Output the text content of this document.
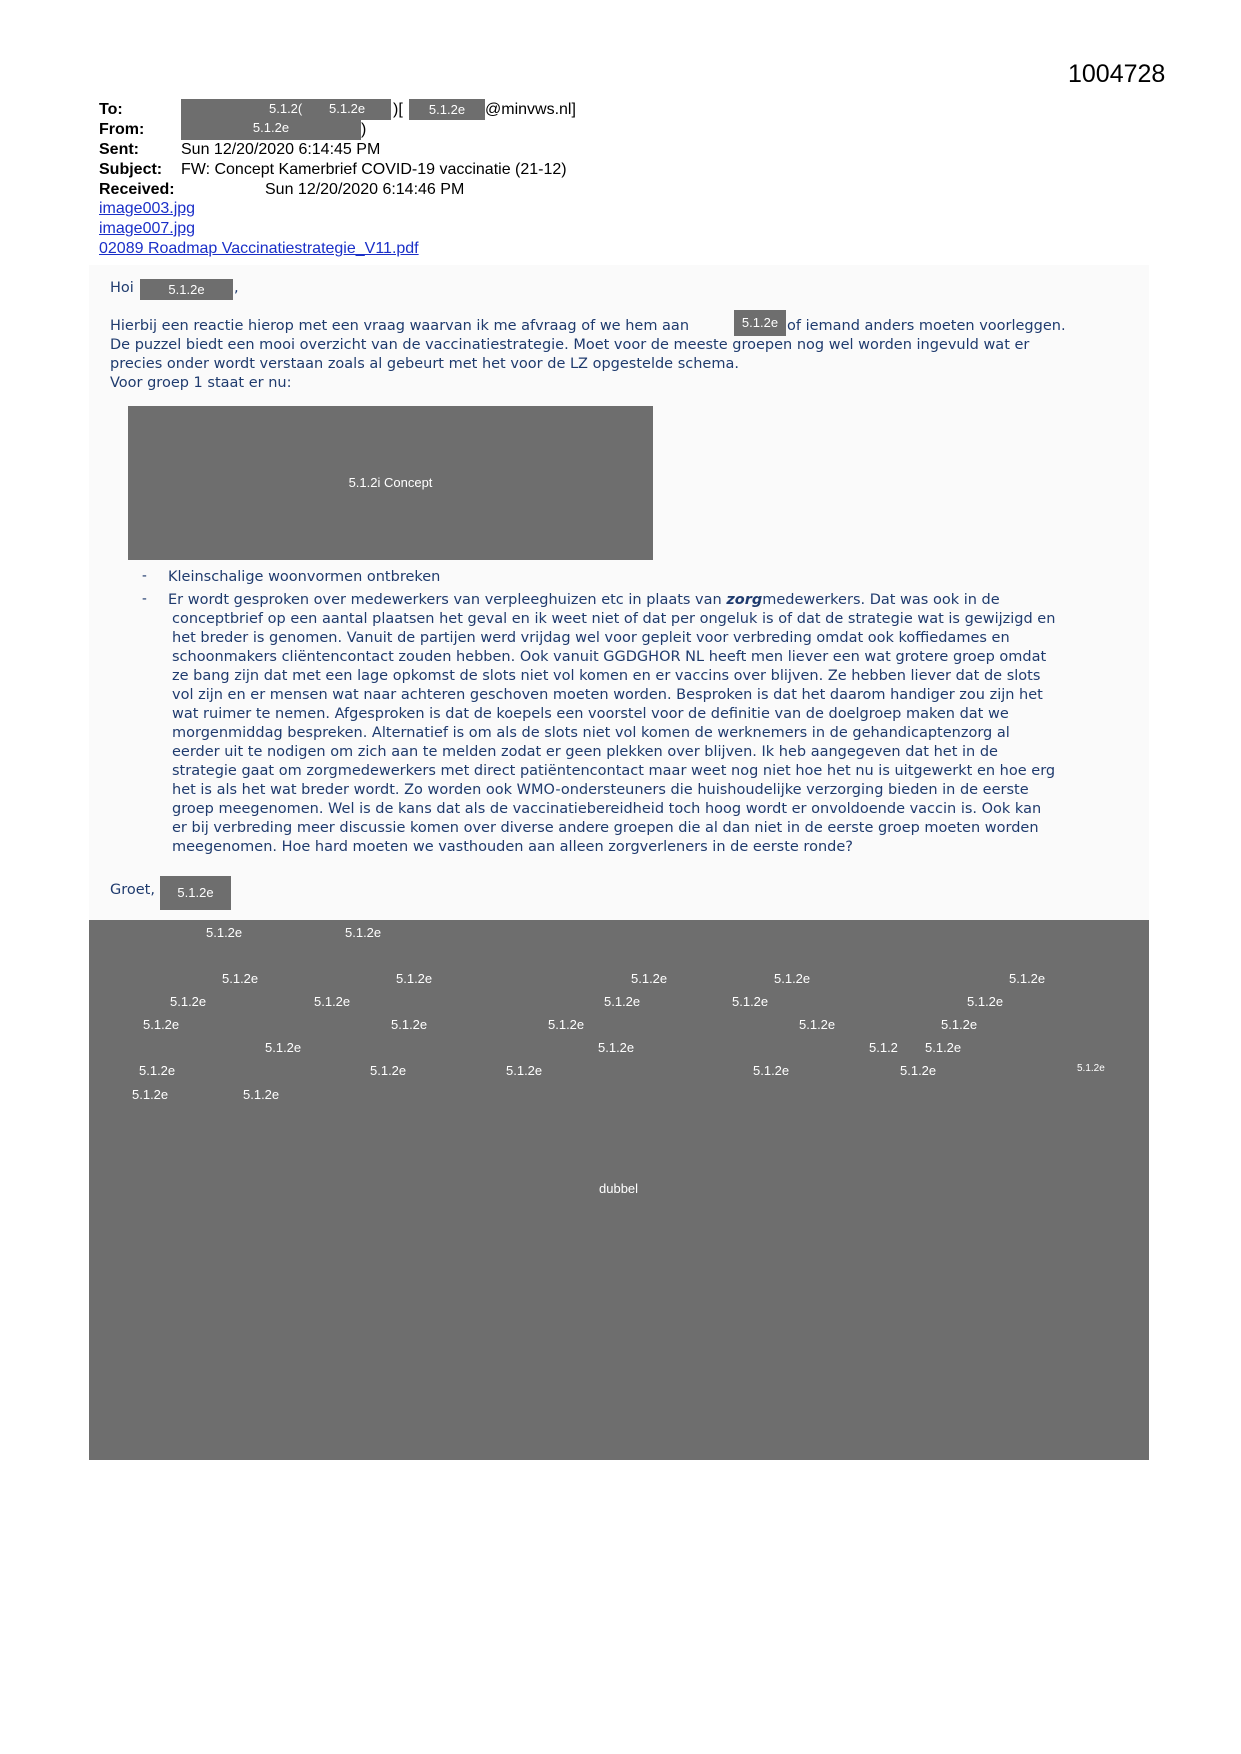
1004728
To:	5.1.2( 5.1.2e )[	5.1.2e	@minvws.nl]
From:	5.1.2e	)
Sent:	Sun 12/20/2020 6:14:45 PM
Subject: FW: Concept Kamerbrief COVID-19 vaccinatie (21-12)
Received:	Sun 12/20/2020 6:14:46 PM
image003.jpg
image007.jpg
02089 Roadmap Vaccinatiestrategie_V11.pdf
Hoi	5.1.2e	,
Hierbij een reactie hierop met een vraag waarvan ik me afvraag of we hem aan	5.1.2e of iemand anders moeten voorleggen.
De puzzel biedt een mooi overzicht van de vaccinatiestrategie. Moet voor de meeste groepen nog wel worden ingevuld wat er
precies onder wordt verstaan zoals al gebeurt met het voor de LZ opgestelde schema.
Voor groep 1 staat er nu:
5.1.2i Concept
- Kleinschalige woonvormen ontbreken
- Er wordt gesproken over medewerkers van verpleeghuizen etc in plaats van zorgmedewerkers. Dat was ook in de
conceptbrief op een aantal plaatsen het geval en ik weet niet of dat per ongeluk is of dat de strategie wat is gewijzigd en
het breder is genomen. Vanuit de partijen werd vrijdag wel voor gepleit voor verbreding omdat ook koffiedames en
schoonmakers cliëntencontact zouden hebben. Ook vanuit GGDGHOR NL heeft men liever een wat grotere groep omdat
ze bang zijn dat met een lage opkomst de slots niet vol komen en er vaccins over blijven. Ze hebben liever dat de slots
vol zijn en er mensen wat naar achteren geschoven moeten worden. Besproken is dat het daarom handiger zou zijn het
wat ruimer te nemen. Afgesproken is dat de koepels een voorstel voor de definitie van de doelgroep maken dat we
morgenmiddag bespreken. Alternatief is om als de slots niet vol komen de werknemers in de gehandicaptenzorg al
eerder uit te nodigen om zich aan te melden zodat er geen plekken over blijven. Ik heb aangegeven dat het in de
strategie gaat om zorgmedewerkers met direct patiëntencontact maar weet nog niet hoe het nu is uitgewerkt en hoe erg
het is als het wat breder wordt. Zo worden ook WMO-ondersteuners die huishoudelijke verzorging bieden in de eerste
groep meegenomen. Wel is de kans dat als de vaccinatiebereidheid toch hoog wordt er onvoldoende vaccin is. Ook kan
er bij verbreding meer discussie komen over diverse andere groepen die al dan niet in de eerste groep moeten worden
meegenomen. Hoe hard moeten we vasthouden aan alleen zorgverleners in de eerste ronde?
Groet,	5.1.2e
5.1.2e	5.1.2e
5.1.2e	5.1.2e	5.1.2e	5.1.2e	5.1.2e
5.1.2e	5.1.2e	5.1.2e	5.1.2e	5.1.2e
5.1.2e	5.1.2e	5.1.2e	5.1.2e	5.1.2e
5.1.2e	5.1.2e	5.1.2 5.1.2e
5.1.2e	5.1.2e	5.1.2e	5.1.2e	5.1.2e	5.1.2e
5.1.2e	5.1.2e
dubbel
